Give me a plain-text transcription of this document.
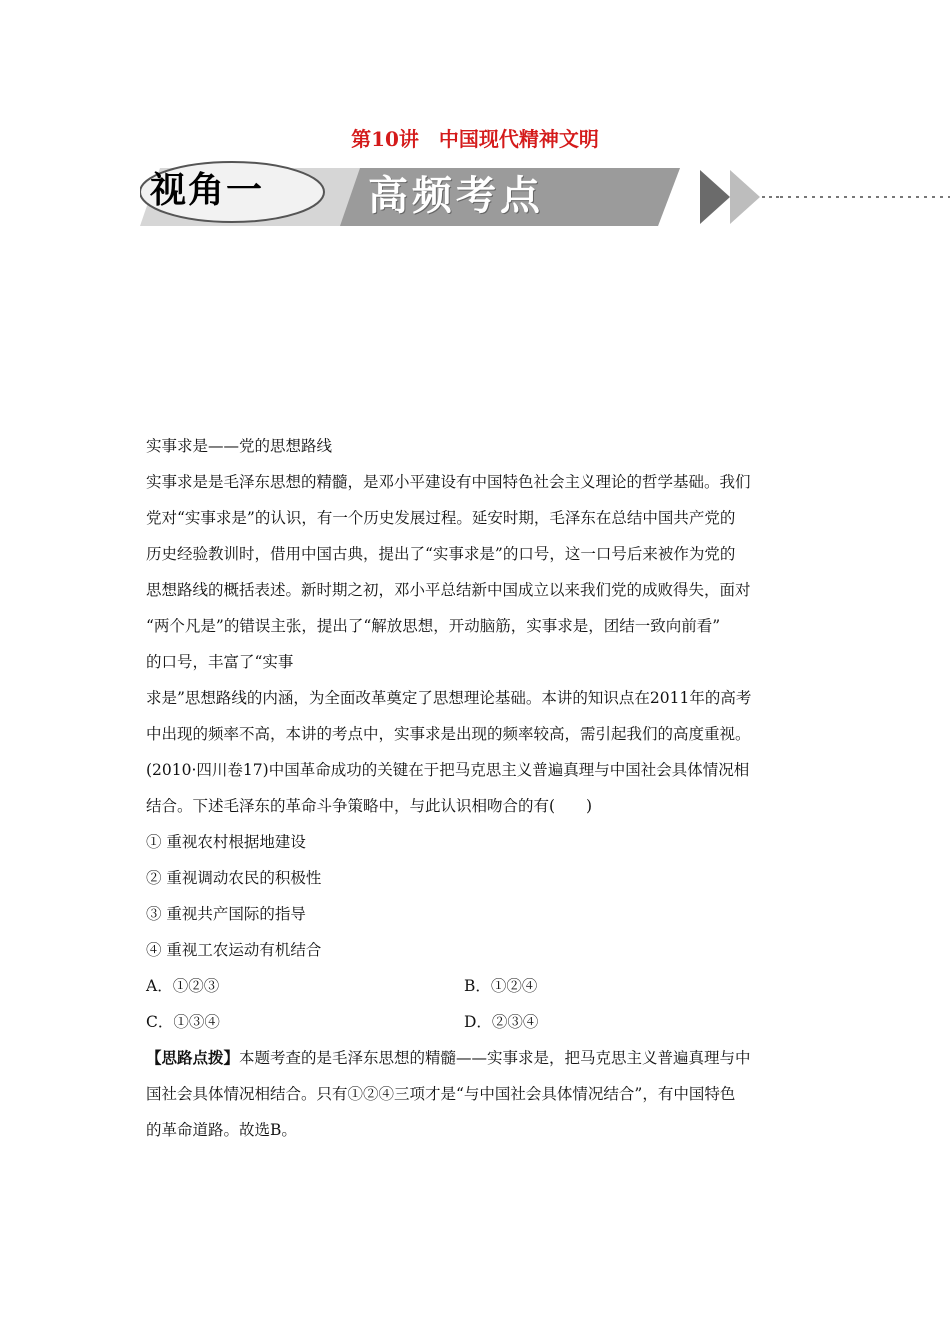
第10讲　中国现代精神文明
视角一	高频考点
实事求是——党的思想路线
实事求是是毛泽东思想的精髓，是邓小平建设有中国特色社会主义理论的哲学基础。我们
党对“实事求是”的认识，有一个历史发展过程。延安时期，毛泽东在总结中国共产党的
历史经验教训时，借用中国古典，提出了“实事求是”的口号，这一口号后来被作为党的
思想路线的概括表述。新时期之初，邓小平总结新中国成立以来我们党的成败得失，面对
“两个凡是”的错误主张，提出了“解放思想，开动脑筋，实事求是，团结一致向前看”
的口号，丰富了“实事
求是”思想路线的内涵，为全面改革奠定了思想理论基础。本讲的知识点在2011年的高考
中出现的频率不高，本讲的考点中，实事求是出现的频率较高，需引起我们的高度重视。
(2010·四川卷17)中国革命成功的关键在于把马克思主义普遍真理与中国社会具体情况相
结合。下述毛泽东的革命斗争策略中，与此认识相吻合的有(　　)
① 重视农村根据地建设
② 重视调动农民的积极性
③ 重视共产国际的指导
④ 重视工农运动有机结合
A．①②③	B．①②④
C．①③④	D．②③④
【思路点拨】本题考查的是毛泽东思想的精髓——实事求是，把马克思主义普遍真理与中
国社会具体情况相结合。只有①②④三项才是“与中国社会具体情况结合”，有中国特色
的革命道路。故选B。
